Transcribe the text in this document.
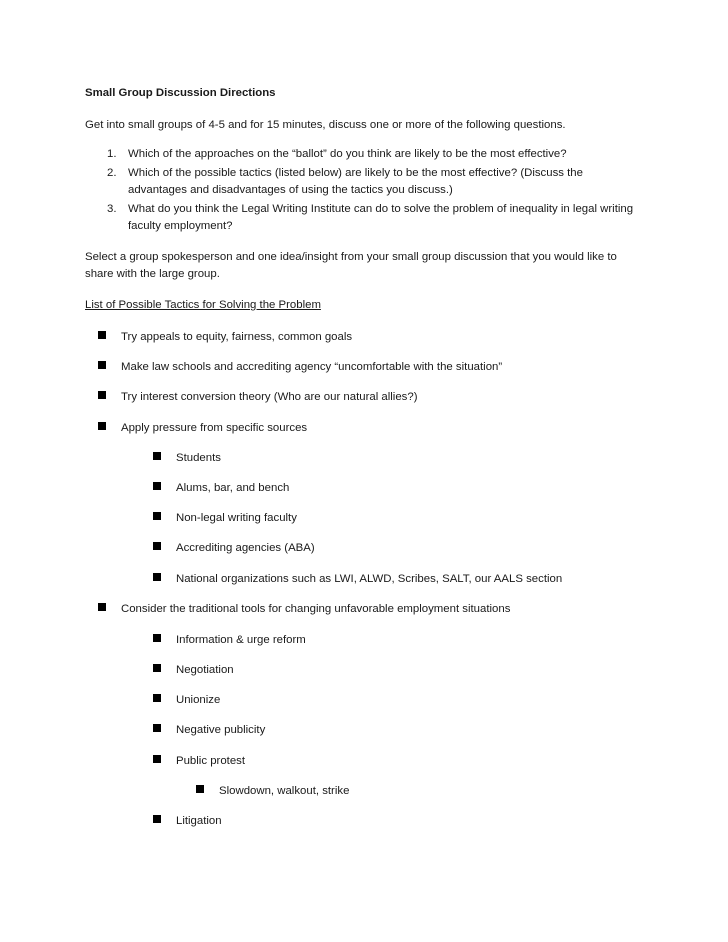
Small Group Discussion Directions

Get into small groups of 4-5 and for 15 minutes, discuss one or more of the following questions.

1. Which of the approaches on the “ballot” do you think are likely to be the most effective?
2. Which of the possible tactics (listed below) are likely to be the most effective? (Discuss the advantages and disadvantages of using the tactics you discuss.)
3. What do you think the Legal Writing Institute can do to solve the problem of inequality in legal writing faculty employment?

Select a group spokesperson and one idea/insight from your small group discussion that you would like to share with the large group.

List of Possible Tactics for Solving the Problem
Try appeals to equity, fairness, common goals
Make law schools and accrediting agency “uncomfortable with the situation”
Try interest conversion theory (Who are our natural allies?)
Apply pressure from specific sources
Students
Alums, bar, and bench
Non-legal writing faculty
Accrediting agencies (ABA)
National organizations such as LWI, ALWD, Scribes, SALT, our AALS section
Consider the traditional tools for changing unfavorable employment situations
Information & urge reform
Negotiation
Unionize
Negative publicity
Public protest
Slowdown, walkout, strike
Litigation
